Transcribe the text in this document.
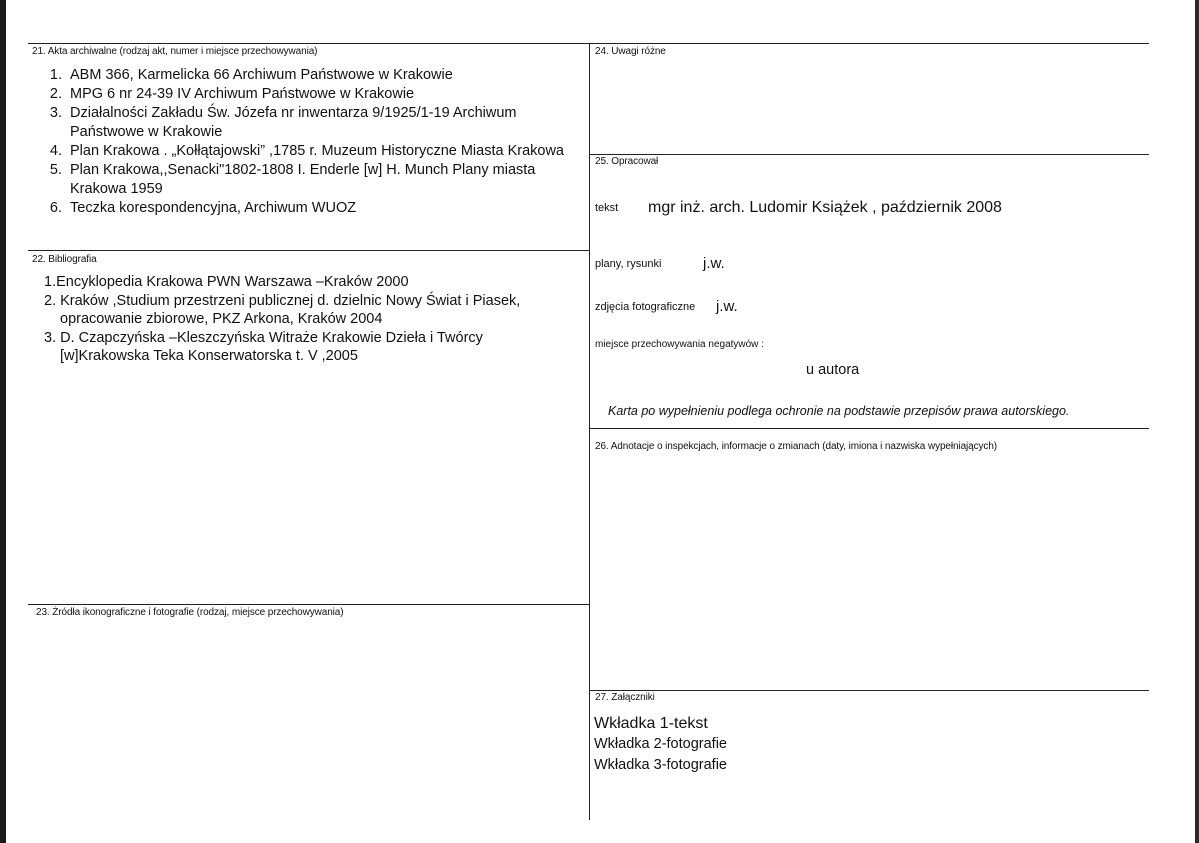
21. Akta archiwalne (rodzaj akt, numer i miejsce przechowywania)
1 . ABM 366, Karmelicka 66 Archiwum Państwowe w Krakowie
2 . MPG 6 nr 24-39 IV Archiwum Państwowe w Krakowie
3 . Działalności Zakładu Św. Józefa nr inwentarza 9/1925/1-19 Archiwum Państwowe w Krakowie
4 . Plan Krakowa . „Kołłątajowski” ,1785 r. Muzeum Historyczne Miasta Krakowa
5 . Plan Krakowa,,Senacki"1802-1808 I. Enderle [w] H. Munch Plany miasta Krakowa 1959
6 . Teczka korespondencyjna, Archiwum WUOZ
22. Bibliografia
1.Encyklopedia Krakowa PWN Warszawa –Kraków 2000
2. Kraków ,Studium przestrzeni publicznej d. dzielnic Nowy Świat i Piasek, opracowanie zbiorowe, PKZ Arkona, Kraków 2004
3. D. Czapczyńska –Kleszczyńska Witraże Krakowie Dzieła i Twórcy [w]Krakowska Teka Konserwatorska t. V ,2005
23. Źródła ikonograficzne i fotografie (rodzaj, miejsce przechowywania)
24. Uwagi różne
25. Opracował
tekst mgr inż. arch. Ludomir Książek , październik 2008
plany, rysunki	j.w.
zdjęcia fotograficzne j.w.
miejsce przechowywania negatywów :
u autora
Karta po wypełnieniu podlega ochronie na podstawie przepisów prawa autorskiego.
26. Adnotacje o inspekcjach, informacje o zmianach (daty, imiona i nazwiska wypełniających)
27. Załączniki
Wkładka 1-tekst
Wkładka 2-fotografie
Wkładka 3-fotografie
